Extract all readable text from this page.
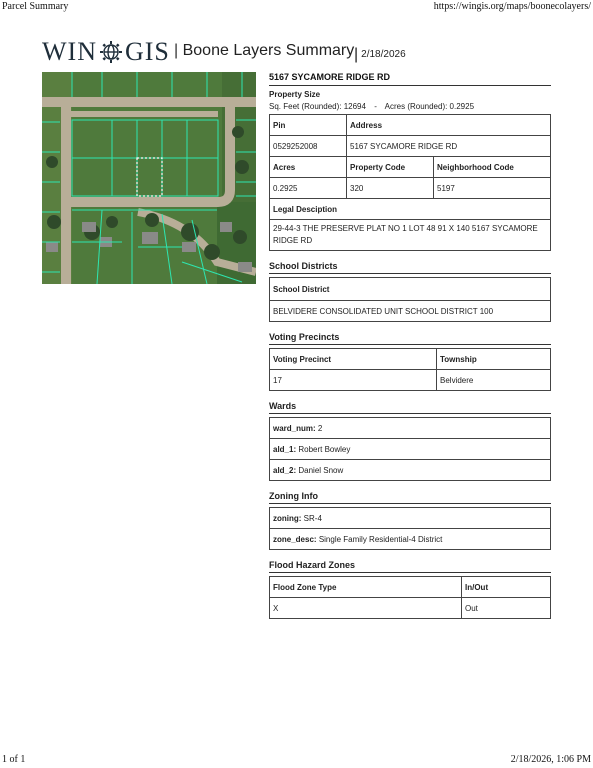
Parcel Summary	https://wingis.org/maps/boonecolayers/
WIN GIS | Boone Layers Summary | 2/18/2026
5167 SYCAMORE RIDGE RD
Property Size
Sq. Feet (Rounded): 12694 - Acres (Rounded): 0.2925
Pin	Address	
0529252008	5167 SYCAMORE RIDGE RD	
Acres	Property Code	Neighborhood Code
0.2925	320	5197
Legal Desciption		
29-44-3 THE PRESERVE PLAT NO 1 LOT 48 91 X 140 5167 SYCAMORE RIDGE RD		
School Districts
School District
BELVIDERE CONSOLIDATED UNIT SCHOOL DISTRICT 100
Voting Precincts
Voting Precinct	Township
17	Belvidere
Wards
ward_num: 2
ald_1: Robert Bowley
ald_2: Daniel Snow
Zoning Info
zoning: SR-4
zone_desc: Single Family Residential-4 District
Flood Hazard Zones
Flood Zone Type	In/Out
X	Out
1 of 1	2/18/2026, 1:06 PM
